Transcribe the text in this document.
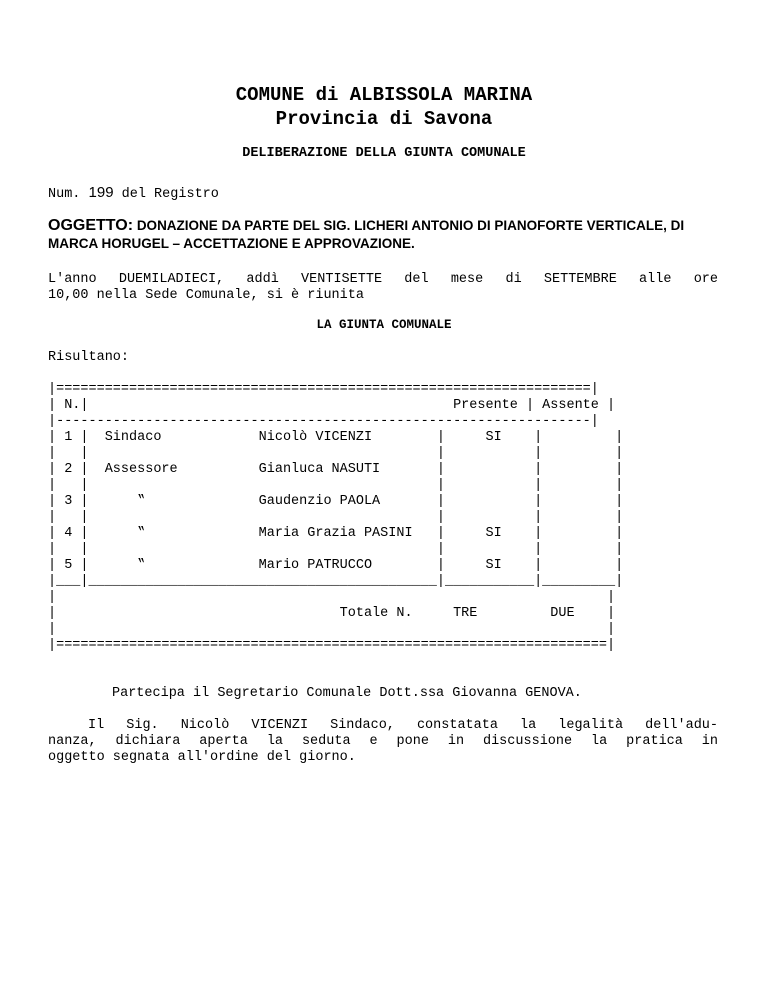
COMUNE di ALBISSOLA MARINA
Provincia di Savona
DELIBERAZIONE DELLA GIUNTA COMUNALE
Num. 199 del Registro
OGGETTO: DONAZIONE DA PARTE DEL SIG. LICHERI ANTONIO DI PIANOFORTE VERTICALE, DI MARCA HORUGEL – ACCETTAZIONE E APPROVAZIONE.
L'anno DUEMILADIECI, addì VENTISETTE del mese di SETTEMBRE alle ore
10,00 nella Sede Comunale, si è riunita
LA GIUNTA COMUNALE
Risultano:
|==================================================================|
| N.|                                             Presente | Assente |
|------------------------------------------------------------------|
| 1 |  Sindaco            Nicolò VICENZI        |     SI    |         |
|   |                                           |           |         |
| 2 |  Assessore          Gianluca NASUTI       |           |         |
|   |                                           |           |         |
| 3 |      ‟              Gaudenzio PAOLA       |           |         |
|   |                                           |           |         |
| 4 |      ‟              Maria Grazia PASINI   |     SI    |         |
|   |                                           |           |         |
| 5 |      ‟              Mario PATRUCCO        |     SI    |         |
|___|___________________________________________|___________|_________|
|                                                                    |
|                                   Totale N.     TRE         DUE    |
|                                                                    |
|====================================================================|
Partecipa il Segretario Comunale Dott.ssa Giovanna GENOVA.
Il Sig. Nicolò VICENZI Sindaco, constatata la legalità dell'adu-
nanza, dichiara aperta la seduta e pone in discussione la pratica in
oggetto segnata all'ordine del giorno.
